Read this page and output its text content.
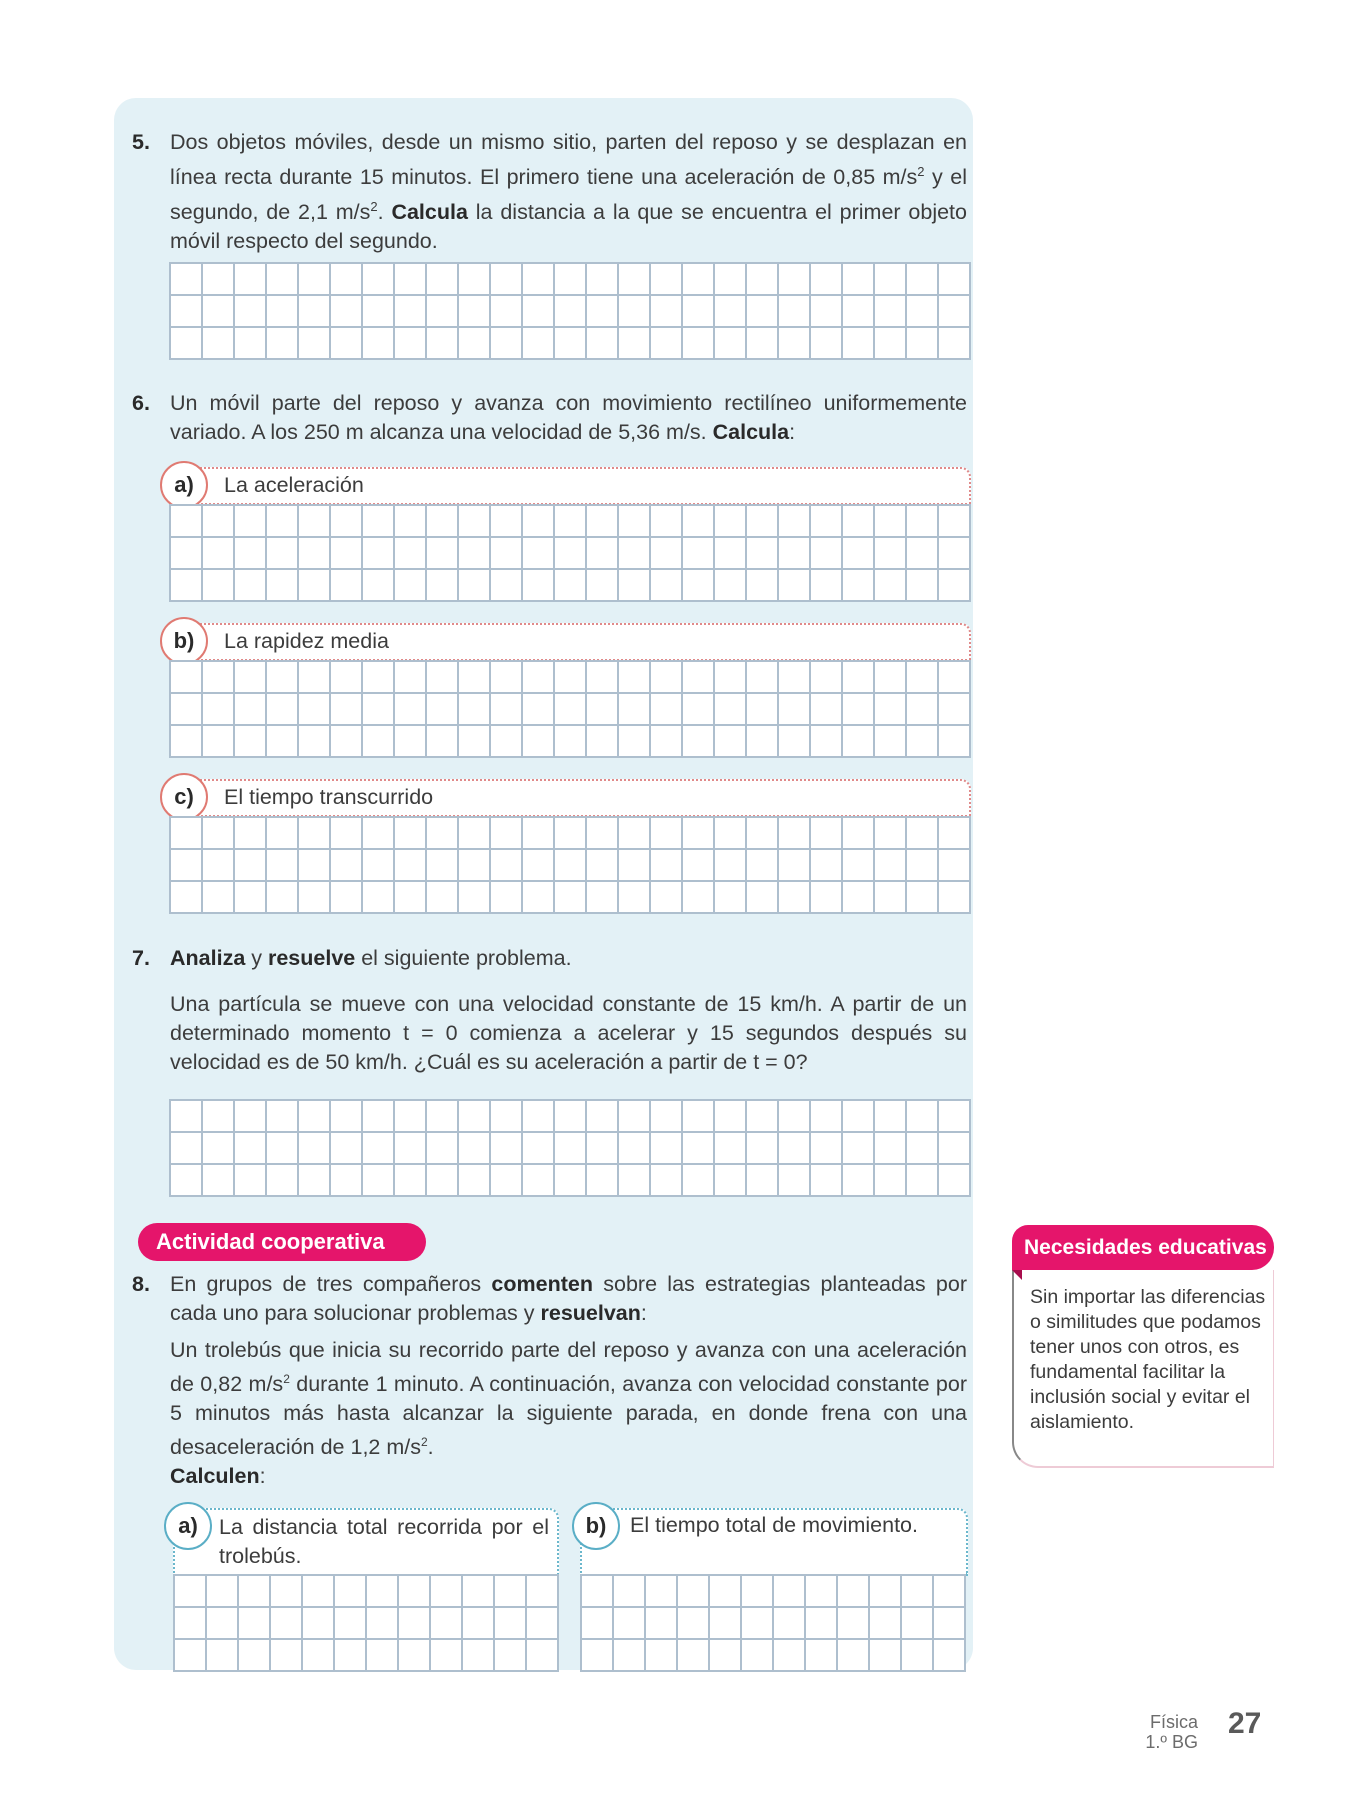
5. Dos objetos móviles, desde un mismo sitio, parten del reposo y se desplazan en línea recta durante 15 minutos. El primero tiene una aceleración de 0,85 $m/s^2$ y el segundo, de 2,1 $m/s^2$. Calcula la distancia a la que se encuentra el primer objeto móvil respecto del segundo.
6. Un móvil parte del reposo y avanza con movimiento rectilíneo uniformemente variado. A los 250 m alcanza una velocidad de 5,36 m/s. Calcula:
La aceleración
a)
La rapidez media
b)
El tiempo transcurrido
c)
7. Analiza y resuelve el siguiente problema.
Una partícula se mueve con una velocidad constante de 15 km/h. A partir de un determinado momento t = 0 comienza a acelerar y 15 segundos después su velocidad es de 50 km/h. ¿Cuál es su aceleración a partir de t = 0?
Actividad cooperativa
8. En grupos de tres compañeros comenten sobre las estrategias planteadas por cada uno para solucionar problemas y resuelvan:
Un trolebús que inicia su recorrido parte del reposo y avanza con una aceleración de 0,82 $m/s^2$ durante 1 minuto. A continuación, avanza con velocidad constante por 5 minutos más hasta alcanzar la siguiente parada, en donde frena con una desaceleración de 1,2 $m/s^2$.
Calculen:
La distancia total recorrida por el trolebús.
a)	El tiempo total de movimiento.
b)
Necesidades educativas
Sin importar las diferencias o similitudes que podamos tener unos con otros, es fundamental facilitar la inclusión social y evitar el aislamiento.
Física
1.º BG
27
